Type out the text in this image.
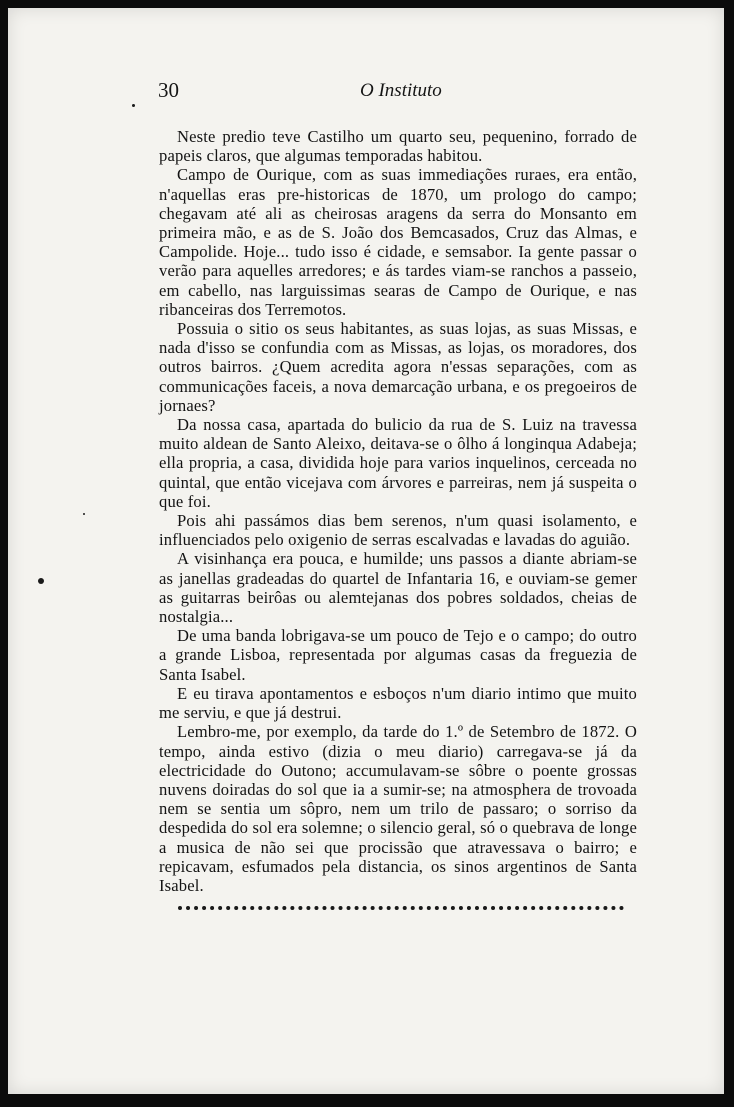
30	O Instituto

Neste predio teve Castilho um quarto seu, pequenino, forrado de papeis claros, que algumas temporadas habitou.

Campo de Ourique, com as suas immediações ruraes, era então, n'aquellas eras pre-historicas de 1870, um prologo do campo; chegavam até ali as cheirosas aragens da serra do Monsanto em primeira mão, e as de S. João dos Bemcasados, Cruz das Almas, e Campolide. Hoje... tudo isso é cidade, e semsabor. Ia gente passar o verão para aquelles arredores; e ás tardes viam-se ranchos a passeio, em cabello, nas larguissimas searas de Campo de Ourique, e nas ribanceiras dos Terremotos.

Possuia o sitio os seus habitantes, as suas lojas, as suas Missas, e nada d'isso se confundia com as Missas, as lojas, os moradores, dos outros bairros. ¿Quem acredita agora n'essas separações, com as communicações faceis, a nova demarcação urbana, e os pregoeiros de jornaes?

Da nossa casa, apartada do bulicio da rua de S. Luiz na travessa muito aldean de Santo Aleixo, deitava-se o ôlho á longinqua Adabeja; ella propria, a casa, dividida hoje para varios inquelinos, cerceada no quintal, que então vicejava com árvores e parreiras, nem já suspeita o que foi.

Pois ahi passámos dias bem serenos, n'um quasi isolamento, e influenciados pelo oxigenio de serras escalvadas e lavadas do aguião.

A visinhança era pouca, e humilde; uns passos a diante abriam-se as janellas gradeadas do quartel de Infantaria 16, e ouviam-se gemer as guitarras beirôas ou alemtejanas dos pobres soldados, cheias de nostalgia...

De uma banda lobrigava-se um pouco de Tejo e o campo; do outro a grande Lisboa, representada por algumas casas da freguezia de Santa Isabel.

E eu tirava apontamentos e esboços n'um diario intimo que muito me serviu, e que já destrui.

Lembro-me, por exemplo, da tarde do 1.º de Setembro de 1872. O tempo, ainda estivo (dizia o meu diario) carregava-se já da electricidade do Outono; accumulavam-se sôbre o poente grossas nuvens doiradas do sol que ia a sumir-se; na atmosphera de trovoada nem se sentia um sôpro, nem um trilo de passaro; o sorriso da despedida do sol era solemne; o silencio geral, só o quebrava de longe a musica de não sei que procissão que atravessava o bairro; e repicavam, esfumados pela distancia, os sinos argentinos de Santa Isabel.
